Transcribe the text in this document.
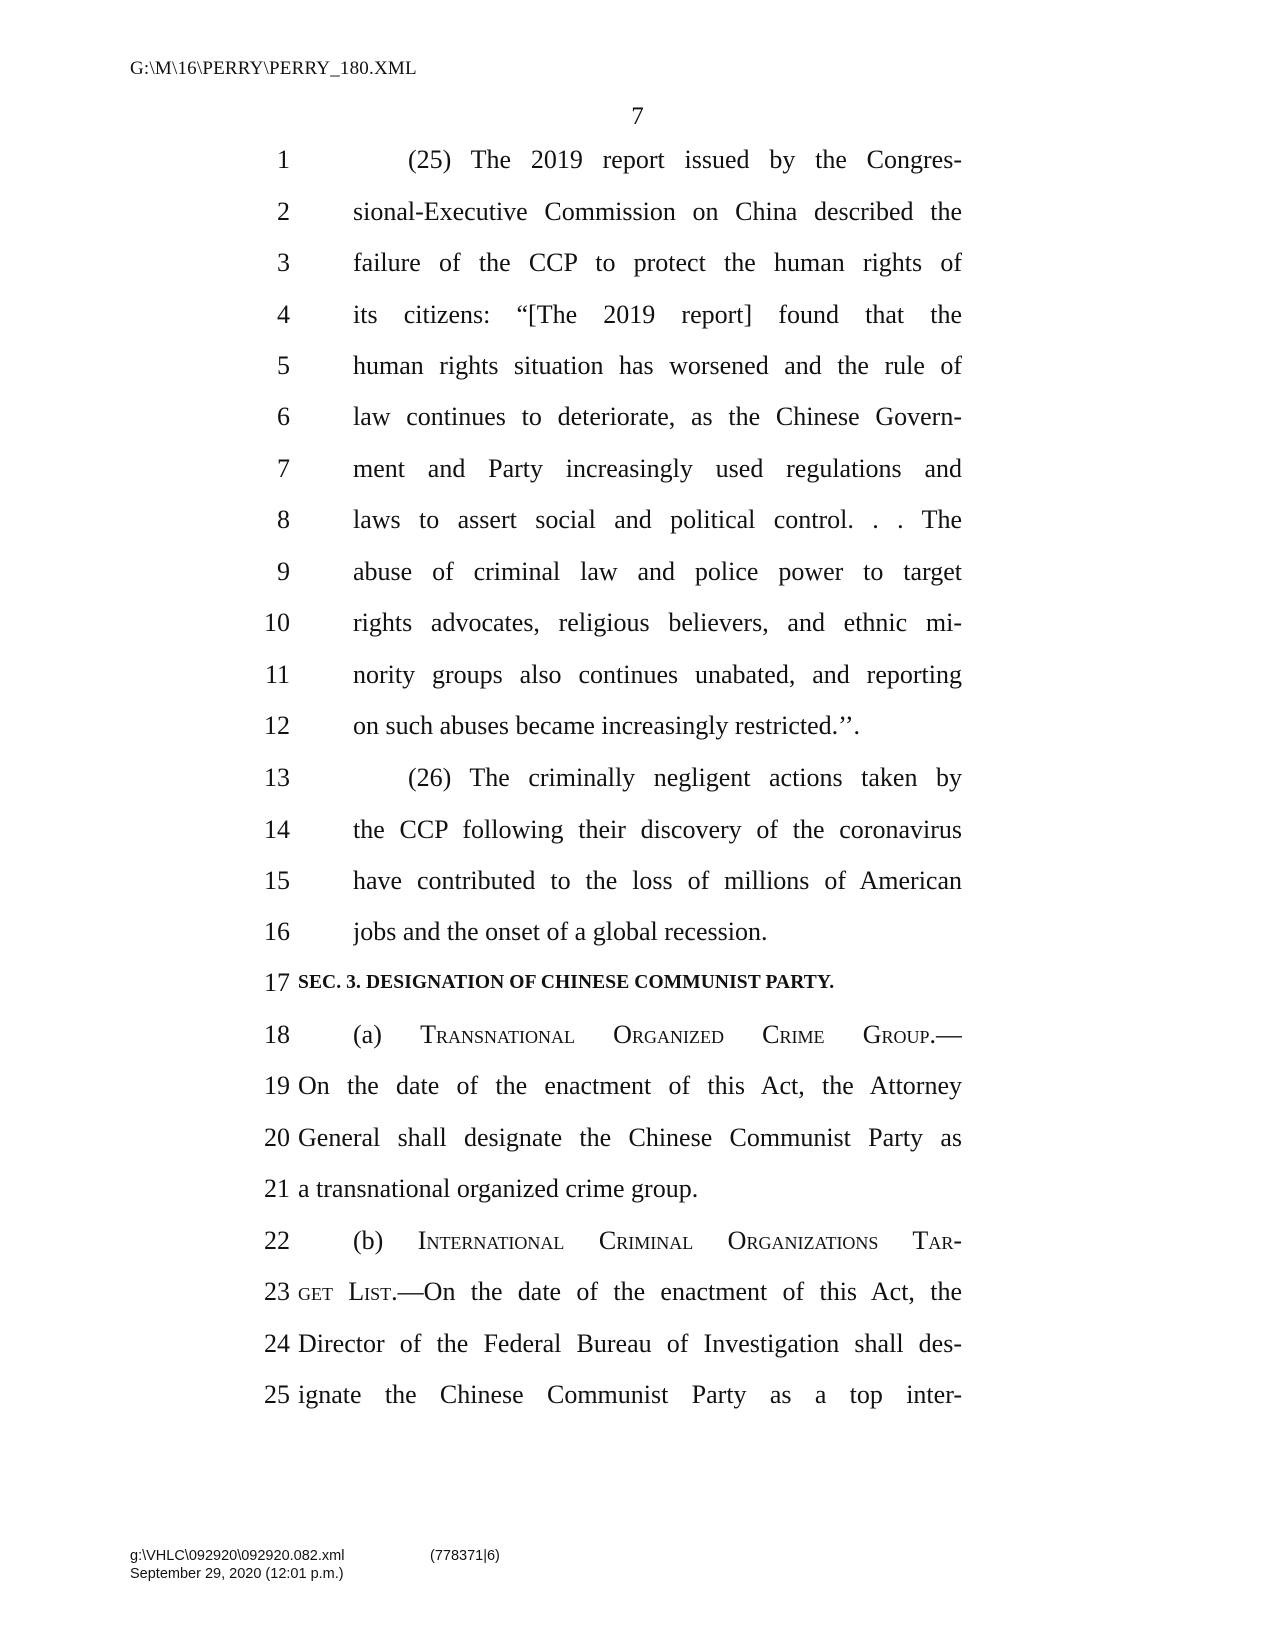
G:\M\16\PERRY\PERRY_180.XML
7
1	(25) The 2019 report issued by the Congres-
2 sional-Executive Commission on China described the
3 failure of the CCP to protect the human rights of
4 its citizens: “[The 2019 report] found that the
5 human rights situation has worsened and the rule of
6 law continues to deteriorate, as the Chinese Govern-
7 ment and Party increasingly used regulations and
8 laws to assert social and political control. . . The
9 abuse of criminal law and police power to target
10 rights advocates, religious believers, and ethnic mi-
11 nority groups also continues unabated, and reporting
12 on such abuses became increasingly restricted.’’.
13	(26) The criminally negligent actions taken by
14 the CCP following their discovery of the coronavirus
15 have contributed to the loss of millions of American
16 jobs and the onset of a global recession.
17 SEC. 3. DESIGNATION OF CHINESE COMMUNIST PARTY.
18 (a) Transnational Organized Crime Group.—
19 On the date of the enactment of this Act, the Attorney
20 General shall designate the Chinese Communist Party as
21 a transnational organized crime group.
22 (b) International Criminal Organizations Tar-
23 get List.—On the date of the enactment of this Act, the
24 Director of the Federal Bureau of Investigation shall des-
25 ignate the Chinese Communist Party as a top inter-
g:\VHLC\092920\092920.082.xml	(778371|6)
September 29, 2020 (12:01 p.m.)
